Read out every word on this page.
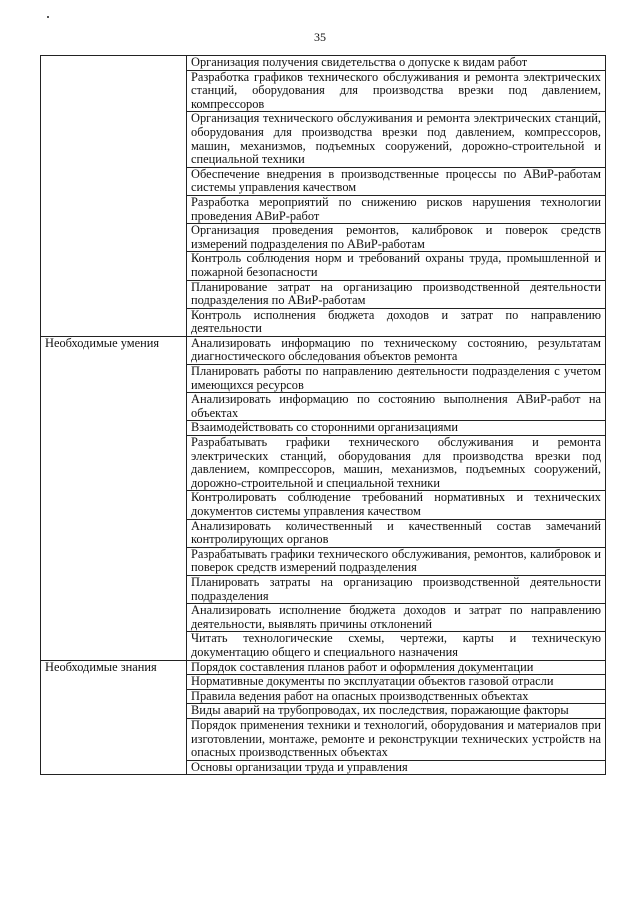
35
	Организация получения свидетельства о допуске к видам работ
	Разработка графиков технического обслуживания и ремонта электрических станций, оборудования для производства врезки под давлением, компрессоров
	Организация технического обслуживания и ремонта электрических станций, оборудования для производства врезки под давлением, компрессоров, машин, механизмов, подъемных сооружений, дорожно-строительной и специальной техники
	Обеспечение внедрения в производственные процессы по АВиР-работам системы управления качеством
	Разработка мероприятий по снижению рисков нарушения технологии проведения АВиР-работ
	Организация проведения ремонтов, калибровок и поверок средств измерений подразделения по АВиР-работам
	Контроль соблюдения норм и требований охраны труда, промышленной и пожарной безопасности
	Планирование затрат на организацию производственной деятельности подразделения по АВиР-работам
	Контроль исполнения бюджета доходов и затрат по направлению деятельности
Необходимые умения	Анализировать информацию по техническому состоянию, результатам диагностического обследования объектов ремонта
	Планировать работы по направлению деятельности подразделения с учетом имеющихся ресурсов
	Анализировать информацию по состоянию выполнения АВиР-работ на объектах
	Взаимодействовать со сторонними организациями
	Разрабатывать графики технического обслуживания и ремонта электрических станций, оборудования для производства врезки под давлением, компрессоров, машин, механизмов, подъемных сооружений, дорожно-строительной и специальной техники
	Контролировать соблюдение требований нормативных и технических документов системы управления качеством
	Анализировать количественный и качественный состав замечаний контролирующих органов
	Разрабатывать графики технического обслуживания, ремонтов, калибровок и поверок средств измерений подразделения
	Планировать затраты на организацию производственной деятельности подразделения
	Анализировать исполнение бюджета доходов и затрат по направлению деятельности, выявлять причины отклонений
	Читать технологические схемы, чертежи, карты и техническую документацию общего и специального назначения
Необходимые знания	Порядок составления планов работ и оформления документации
	Нормативные документы по эксплуатации объектов газовой отрасли
	Правила ведения работ на опасных производственных объектах
	Виды аварий на трубопроводах, их последствия, поражающие факторы
	Порядок применения техники и технологий, оборудования и материалов при изготовлении, монтаже, ремонте и реконструкции технических устройств на опасных производственных объектах
	Основы организации труда и управления
